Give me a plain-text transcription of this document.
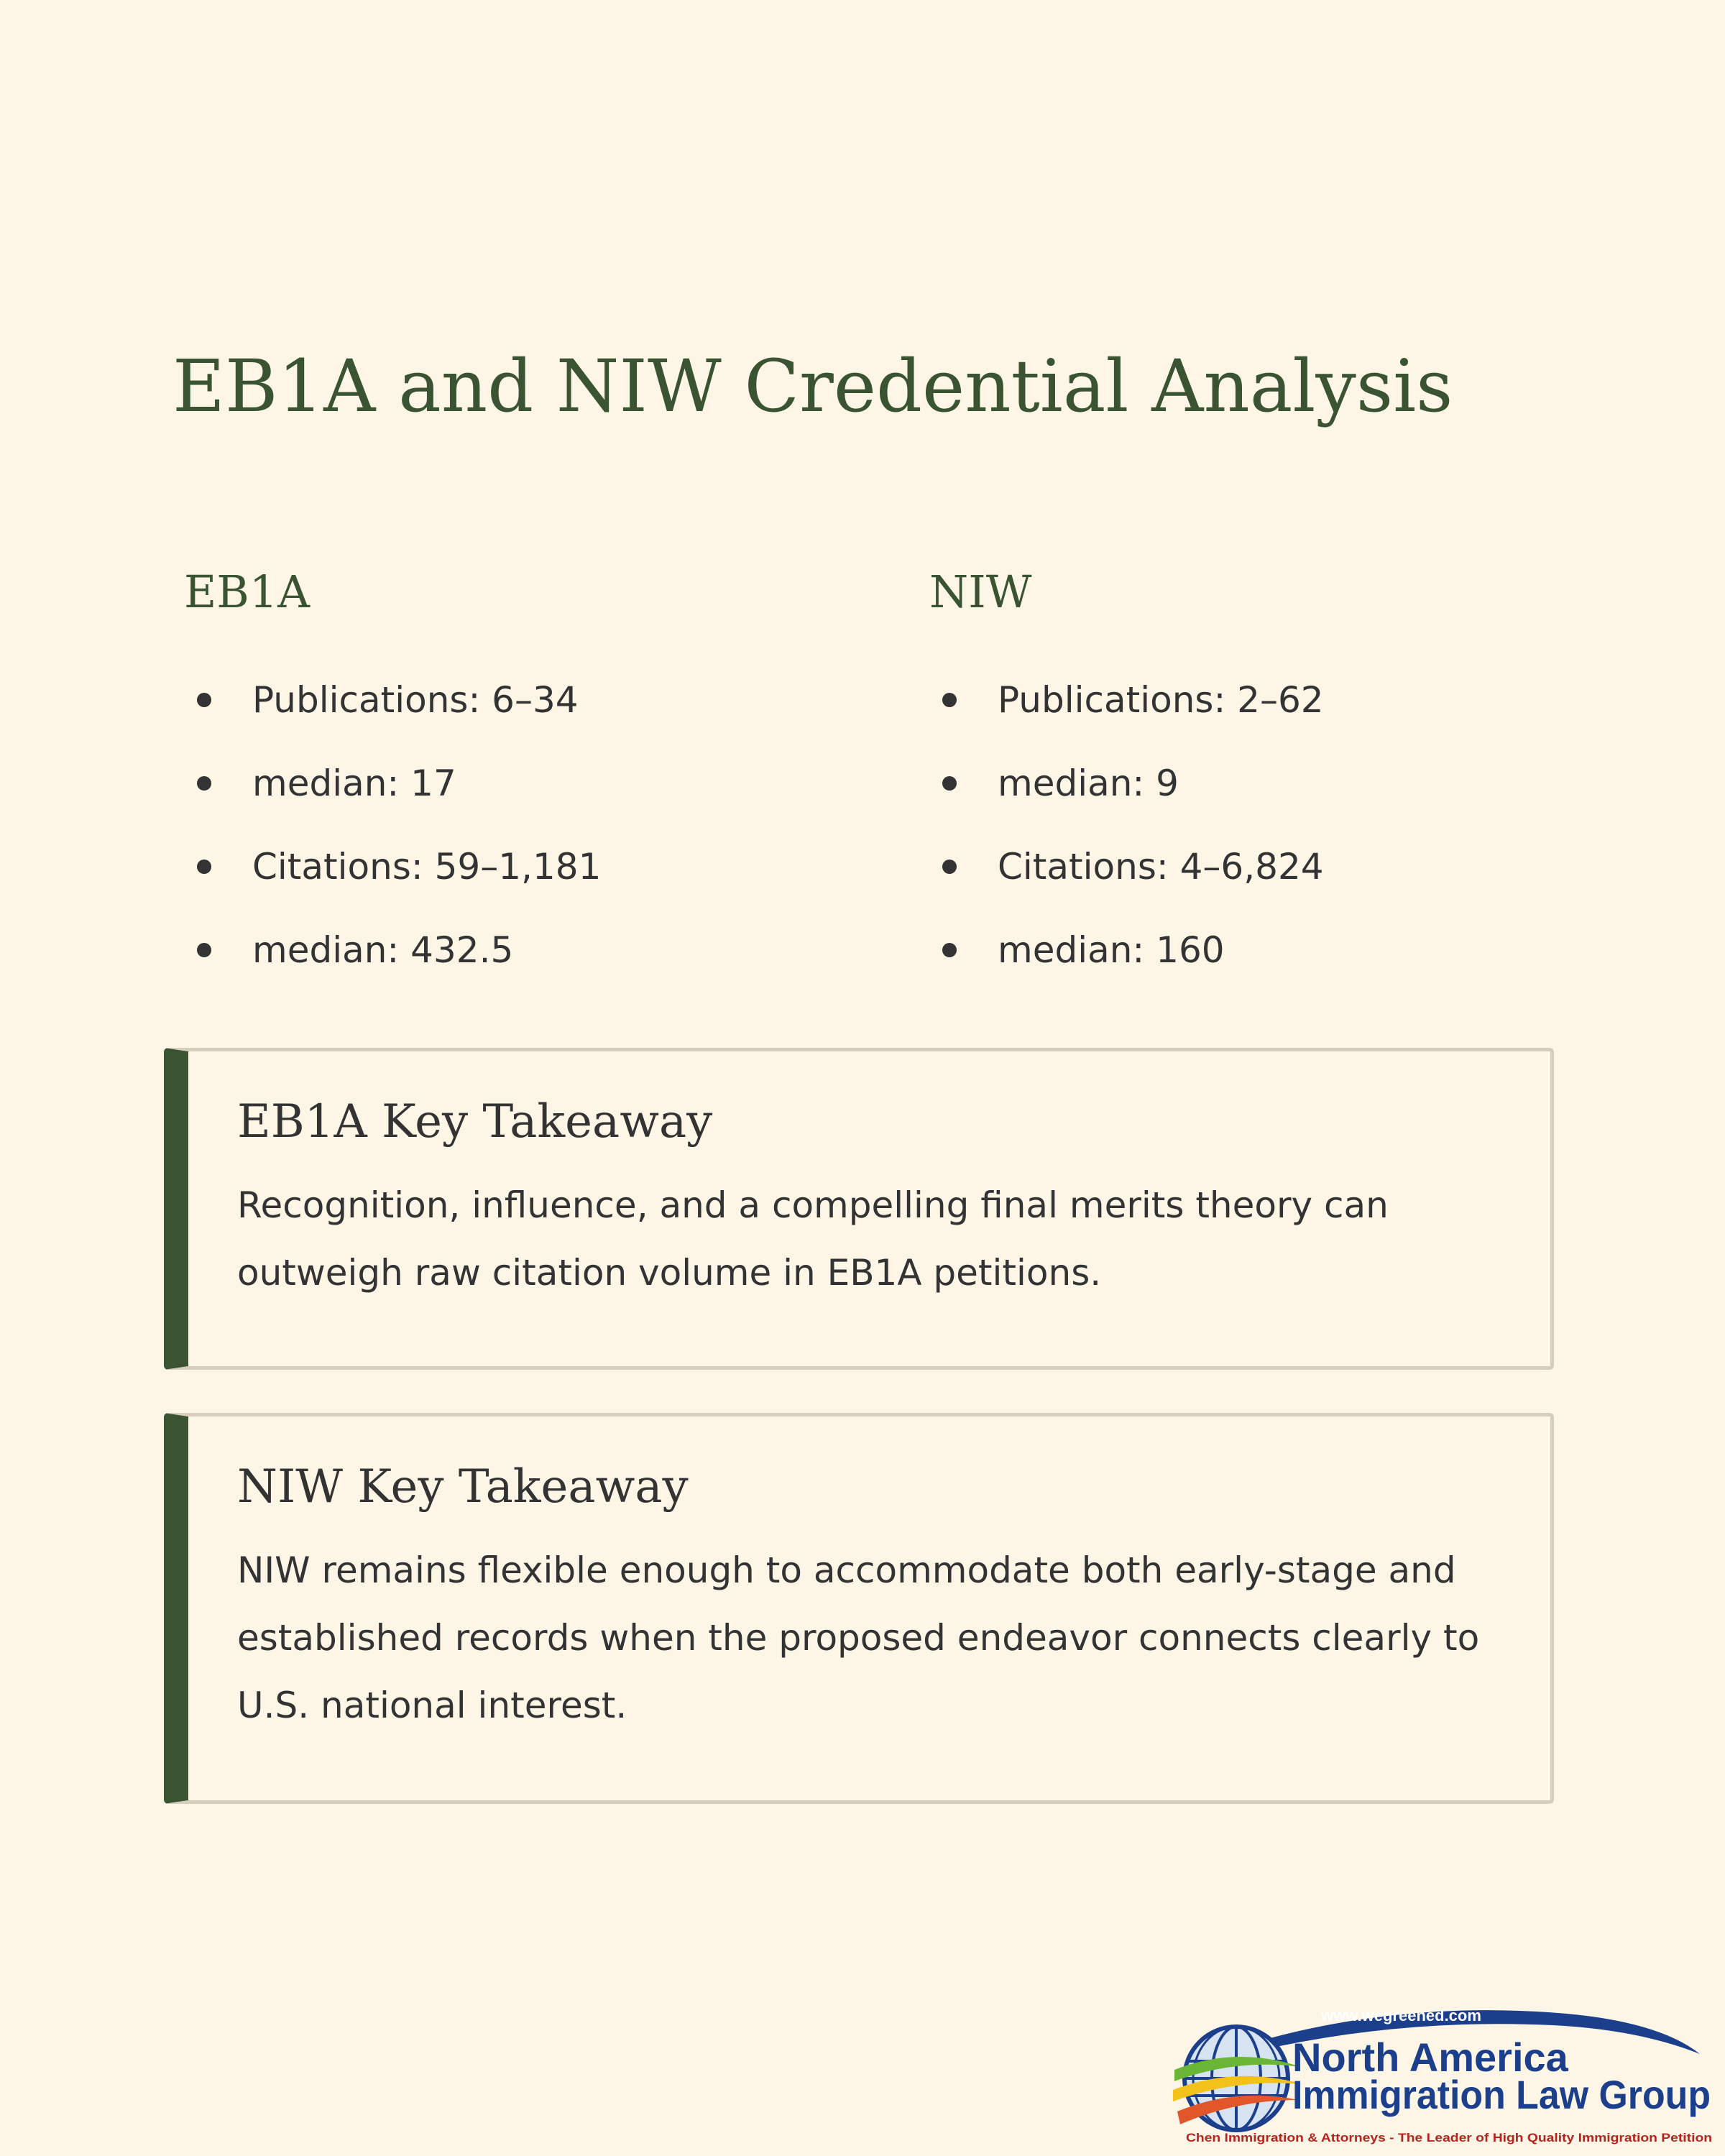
EB1A and NIW Credential Analysis
EB1A
Publications: 6–34
median: 17
Citations: 59–1,181
median: 432.5
NIW
Publications: 2–62
median: 9
Citations: 4–6,824
median: 160
EB1A Key Takeaway

Recognition, influence, and a compelling final merits theory can outweigh raw citation volume in EB1A petitions.

NIW Key Takeaway

NIW remains flexible enough to accommodate both early-stage and established records when the proposed endeavor connects clearly to U.S. national interest.

www.wegreened.com
North America
Immigration Law Group
Chen Immigration & Attorneys - The Leader of High Quality Immigration Petition
